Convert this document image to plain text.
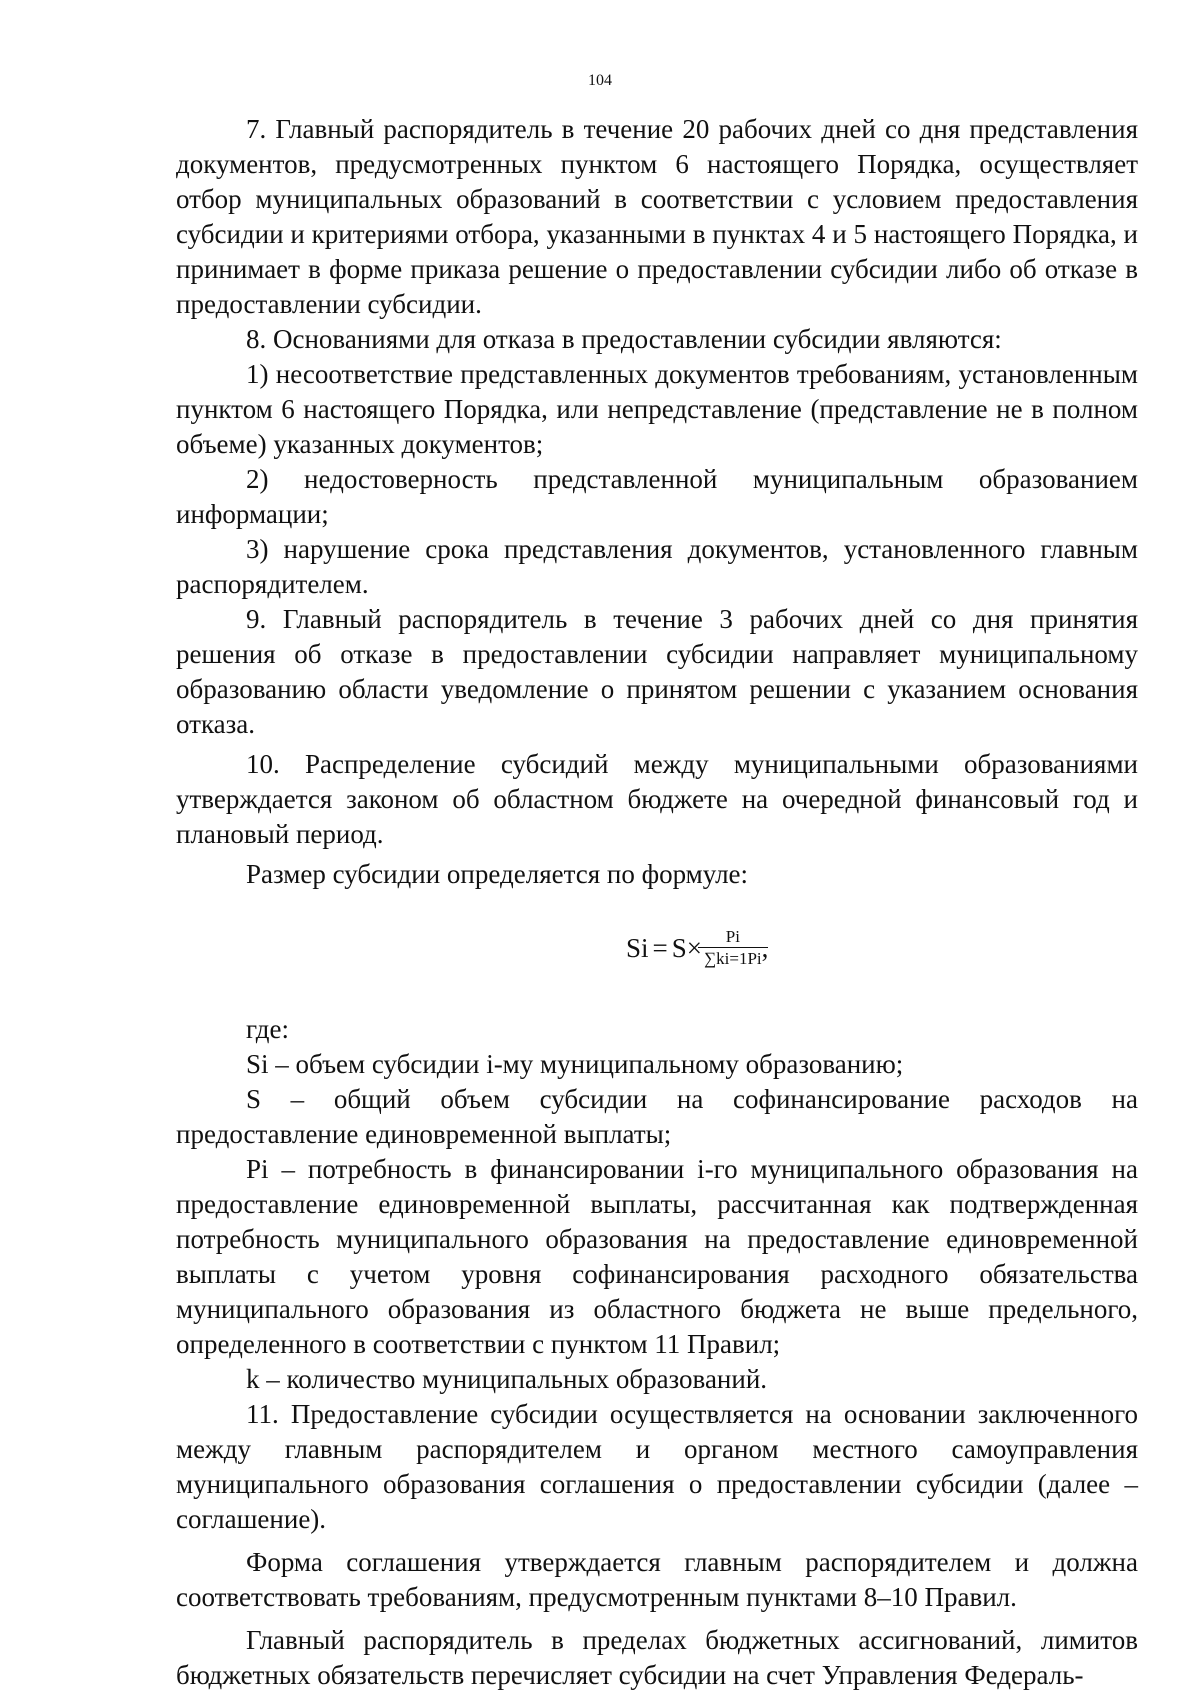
104

7. Главный распорядитель в течение 20 рабочих дней со дня представления документов, предусмотренных пунктом 6 настоящего Порядка, осуществляет отбор муниципальных образований в соответствии с условием предоставления субсидии и критериями отбора, указанными в пунктах 4 и 5 настоящего Порядка, и принимает в форме приказа решение о предоставлении субсидии либо об отказе в предоставлении субсидии.

8. Основаниями для отказа в предоставлении субсидии являются:

1) несоответствие представленных документов требованиям, установленным пунктом 6 настоящего Порядка, или непредставление (представление не в полном объеме) указанных документов;

2) недостоверность представленной муниципальным образованием информации;

3) нарушение срока представления документов, установленного главным распорядителем.

9. Главный распорядитель в течение 3 рабочих дней со дня принятия решения об отказе в предоставлении субсидии направляет муниципальному образованию области уведомление о принятом решении с указанием основания отказа.

10. Распределение субсидий между муниципальными образованиями утверждается законом об областном бюджете на очередной финансовый год и плановый период.

Размер субсидии определяется по формуле:

$Si = S \times \frac{Pi}{\sum ki=1Pi}$ ,

где:

Si – объем субсидии i-му муниципальному образованию;

S – общий объем субсидии на софинансирование расходов на предоставление единовременной выплаты;

Pi – потребность в финансировании i-го муниципального образования на предоставление единовременной выплаты, рассчитанная как подтвержденная потребность муниципального образования на предоставление единовременной выплаты с учетом уровня софинансирования расходного обязательства муниципального образования из областного бюджета не выше предельного, определенного в соответствии с пунктом 11 Правил;

k – количество муниципальных образований.

11. Предоставление субсидии осуществляется на основании заключенного между главным распорядителем и органом местного самоуправления муниципального образования соглашения о предоставлении субсидии (далее – соглашение).

Форма соглашения утверждается главным распорядителем и должна соответствовать требованиям, предусмотренным пунктами 8–10 Правил.

Главный распорядитель в пределах бюджетных ассигнований, лимитов бюджетных обязательств перечисляет субсидии на счет Управления Федераль-
